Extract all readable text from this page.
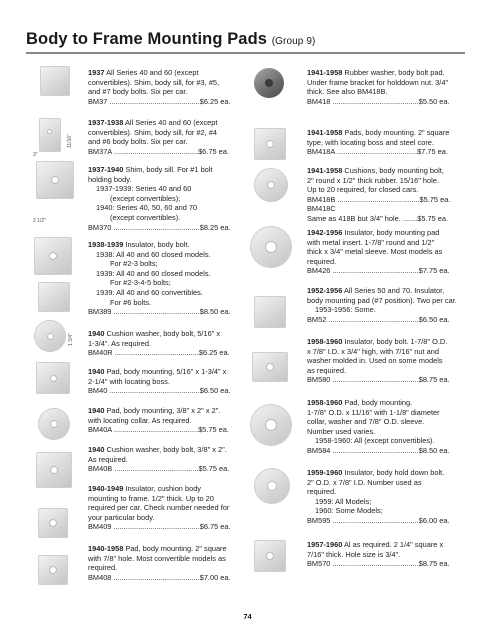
Body to Frame Mounting Pads (Group 9)
11/16"
3"
2 1/2"
1 3/4"
1937 All Series 40 and 60 (except
convertibles). Shim, body sill, for #3, #5,
and #7 body bolts. Six per car.
BM37 ............................................$6.25 ea.
1937-1938 All Series 40 and 60 (except
convertibles). Shim, body sill, for #2, #4
and #6 body bolts. Six per car.
BM37A .........................................$6.75 ea.
1937-1940 Shim, body sill. For #1 bolt
holding body.
1937-1939: Series 40 and 60
(except convertibles);
1940: Series 40, 50, 60 and 70
(except convertibles).
BM370 ..........................................$8.25 ea.
1938-1939 Insulator, body bolt.
1938: All 40 and 60 closed models.
For #2-3 bolts;
1939: All 40 and 60 closed models.
For #2-3-4-5 bolts;
1939: All 40 and 60 convertibles.
For #6 bolts.
BM389 ..........................................$8.50 ea.
1940 Cushion washer, body bolt, 5/16" x
1-3/4". As required.
BM40R .........................................$6.25 ea.
1940 Pad, body mounting, 5/16" x 1-3/4" x
2-1/4" with locating boss.
BM40 ............................................$6.50 ea.
1940 Pad, body mounting, 3/8" x 2" x 2".
with locating collar. As required.
BM40A .........................................$5.75 ea.
1940 Cushion washer, body bolt, 3/8" x 2".
As required.
BM40B .........................................$5.75 ea.
1940-1949 Insulator, cushion body
mounting to frame. 1/2" thick. Up to 20
required per car. Check number needed for
your particular body.
BM409 ..........................................$6.75 ea.
1940-1958 Pad, body mounting. 2" square
with 7/8" hole. Most convertible models as
required.
BM408 ..........................................$7.00 ea.
1941-1958 Rubber washer, body bolt pad.
Under frame bracket for holddown nut. 3/4"
thick. See also BM418B.
BM418 ..........................................$5.50 ea.
1941-1958 Pads, body mounting. 2" square
type, with locating boss and steel core.
BM418A .......................................$7.75 ea.
1941-1958 Cushions, body mounting bolt,
2" round x 1/2" thick rubber. 15/16" hole.
Up to 20 required, for closed cars.
BM418B ........................................$5.75 ea.
BM418C
Same as 418B but 3/4" hole. .......$5.75 ea.
1942-1956 Insulator, body mounting pad
with metal insert. 1-7/8" round and 1/2"
thick x 3/4" metal sleeve. Most models as
required.
BM426 ..........................................$7.75 ea.
1952-1956 All Series 50 and 70. Insulator,
body mounting pad (#7 position). Two per car.
1953-1956: Some.
BM52 ............................................$6.50 ea.
1958-1960 Insulator, body bolt. 1-7/8" O.D.
x 7/8" I.D. x 3/4" high, with 7/16" nut and
washer molded in. Used on some models
as required.
BM580 ..........................................$8.75 ea.
1958-1960 Pad, body mounting.
1-7/8" O.D. x 11/16" with 1-1/8" diameter
collar, washer and 7/8" O.D. sleeve.
Number used varies.
1958-1960: All (except convertibles).
BM584 ..........................................$8.50 ea.
1959-1960 Insulator, body hold down bolt.
2" O.D. x 7/8" I.D. Number used as
required.
1959: All Models;
1960: Some Models;
BM595 ..........................................$6.00 ea.
1957-1960 Al as required. 2 1/4" square x
7/16" thick. Hole size is 3/4".
BM570 ..........................................$8.75 ea.
74
